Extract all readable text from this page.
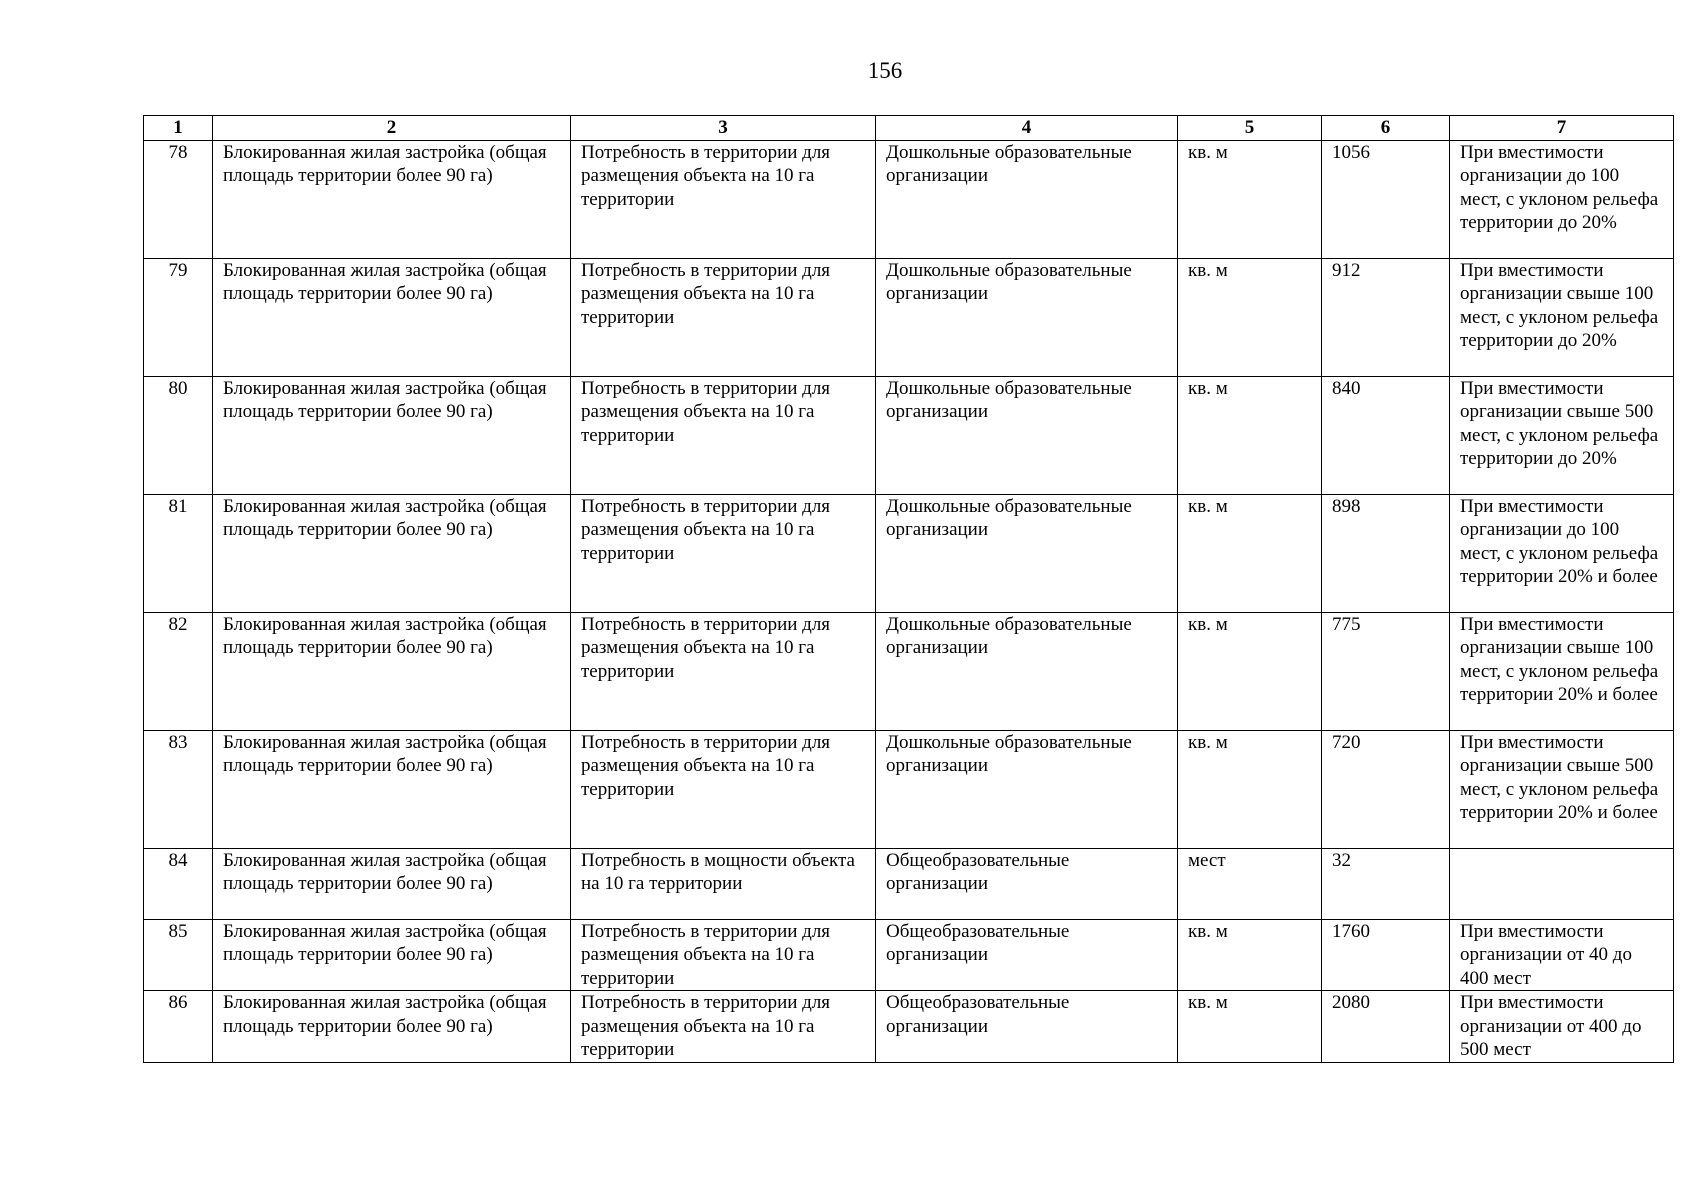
156
1	2	3	4	5	6	7
78	Блокированная жилая застройка (общая площадь территории более 90 га)	Потребность в территории для размещения объекта на 10 га территории	Дошкольные образовательные организации	кв. м	1056	При вместимости организации до 100 мест, с уклоном рельефа территории до 20%
79	Блокированная жилая застройка (общая площадь территории более 90 га)	Потребность в территории для размещения объекта на 10 га территории	Дошкольные образовательные организации	кв. м	912	При вместимости организации свыше 100 мест, с уклоном рельефа территории до 20%
80	Блокированная жилая застройка (общая площадь территории более 90 га)	Потребность в территории для размещения объекта на 10 га территории	Дошкольные образовательные организации	кв. м	840	При вместимости организации свыше 500 мест, с уклоном рельефа территории до 20%
81	Блокированная жилая застройка (общая площадь территории более 90 га)	Потребность в территории для размещения объекта на 10 га территории	Дошкольные образовательные организации	кв. м	898	При вместимости организации до 100 мест, с уклоном рельефа территории 20% и более
82	Блокированная жилая застройка (общая площадь территории более 90 га)	Потребность в территории для размещения объекта на 10 га территории	Дошкольные образовательные организации	кв. м	775	При вместимости организации свыше 100 мест, с уклоном рельефа территории 20% и более
83	Блокированная жилая застройка (общая площадь территории более 90 га)	Потребность в территории для размещения объекта на 10 га территории	Дошкольные образовательные организации	кв. м	720	При вместимости организации свыше 500 мест, с уклоном рельефа территории 20% и более
84	Блокированная жилая застройка (общая площадь территории более 90 га)	Потребность в мощности объекта на 10 га территории	Общеобразовательные организации	мест	32	
85	Блокированная жилая застройка (общая площадь территории более 90 га)	Потребность в территории для размещения объекта на 10 га территории	Общеобразовательные организации	кв. м	1760	При вместимости организации от 40 до 400 мест
86	Блокированная жилая застройка (общая площадь территории более 90 га)	Потребность в территории для размещения объекта на 10 га территории	Общеобразовательные организации	кв. м	2080	При вместимости организации от 400 до 500 мест
